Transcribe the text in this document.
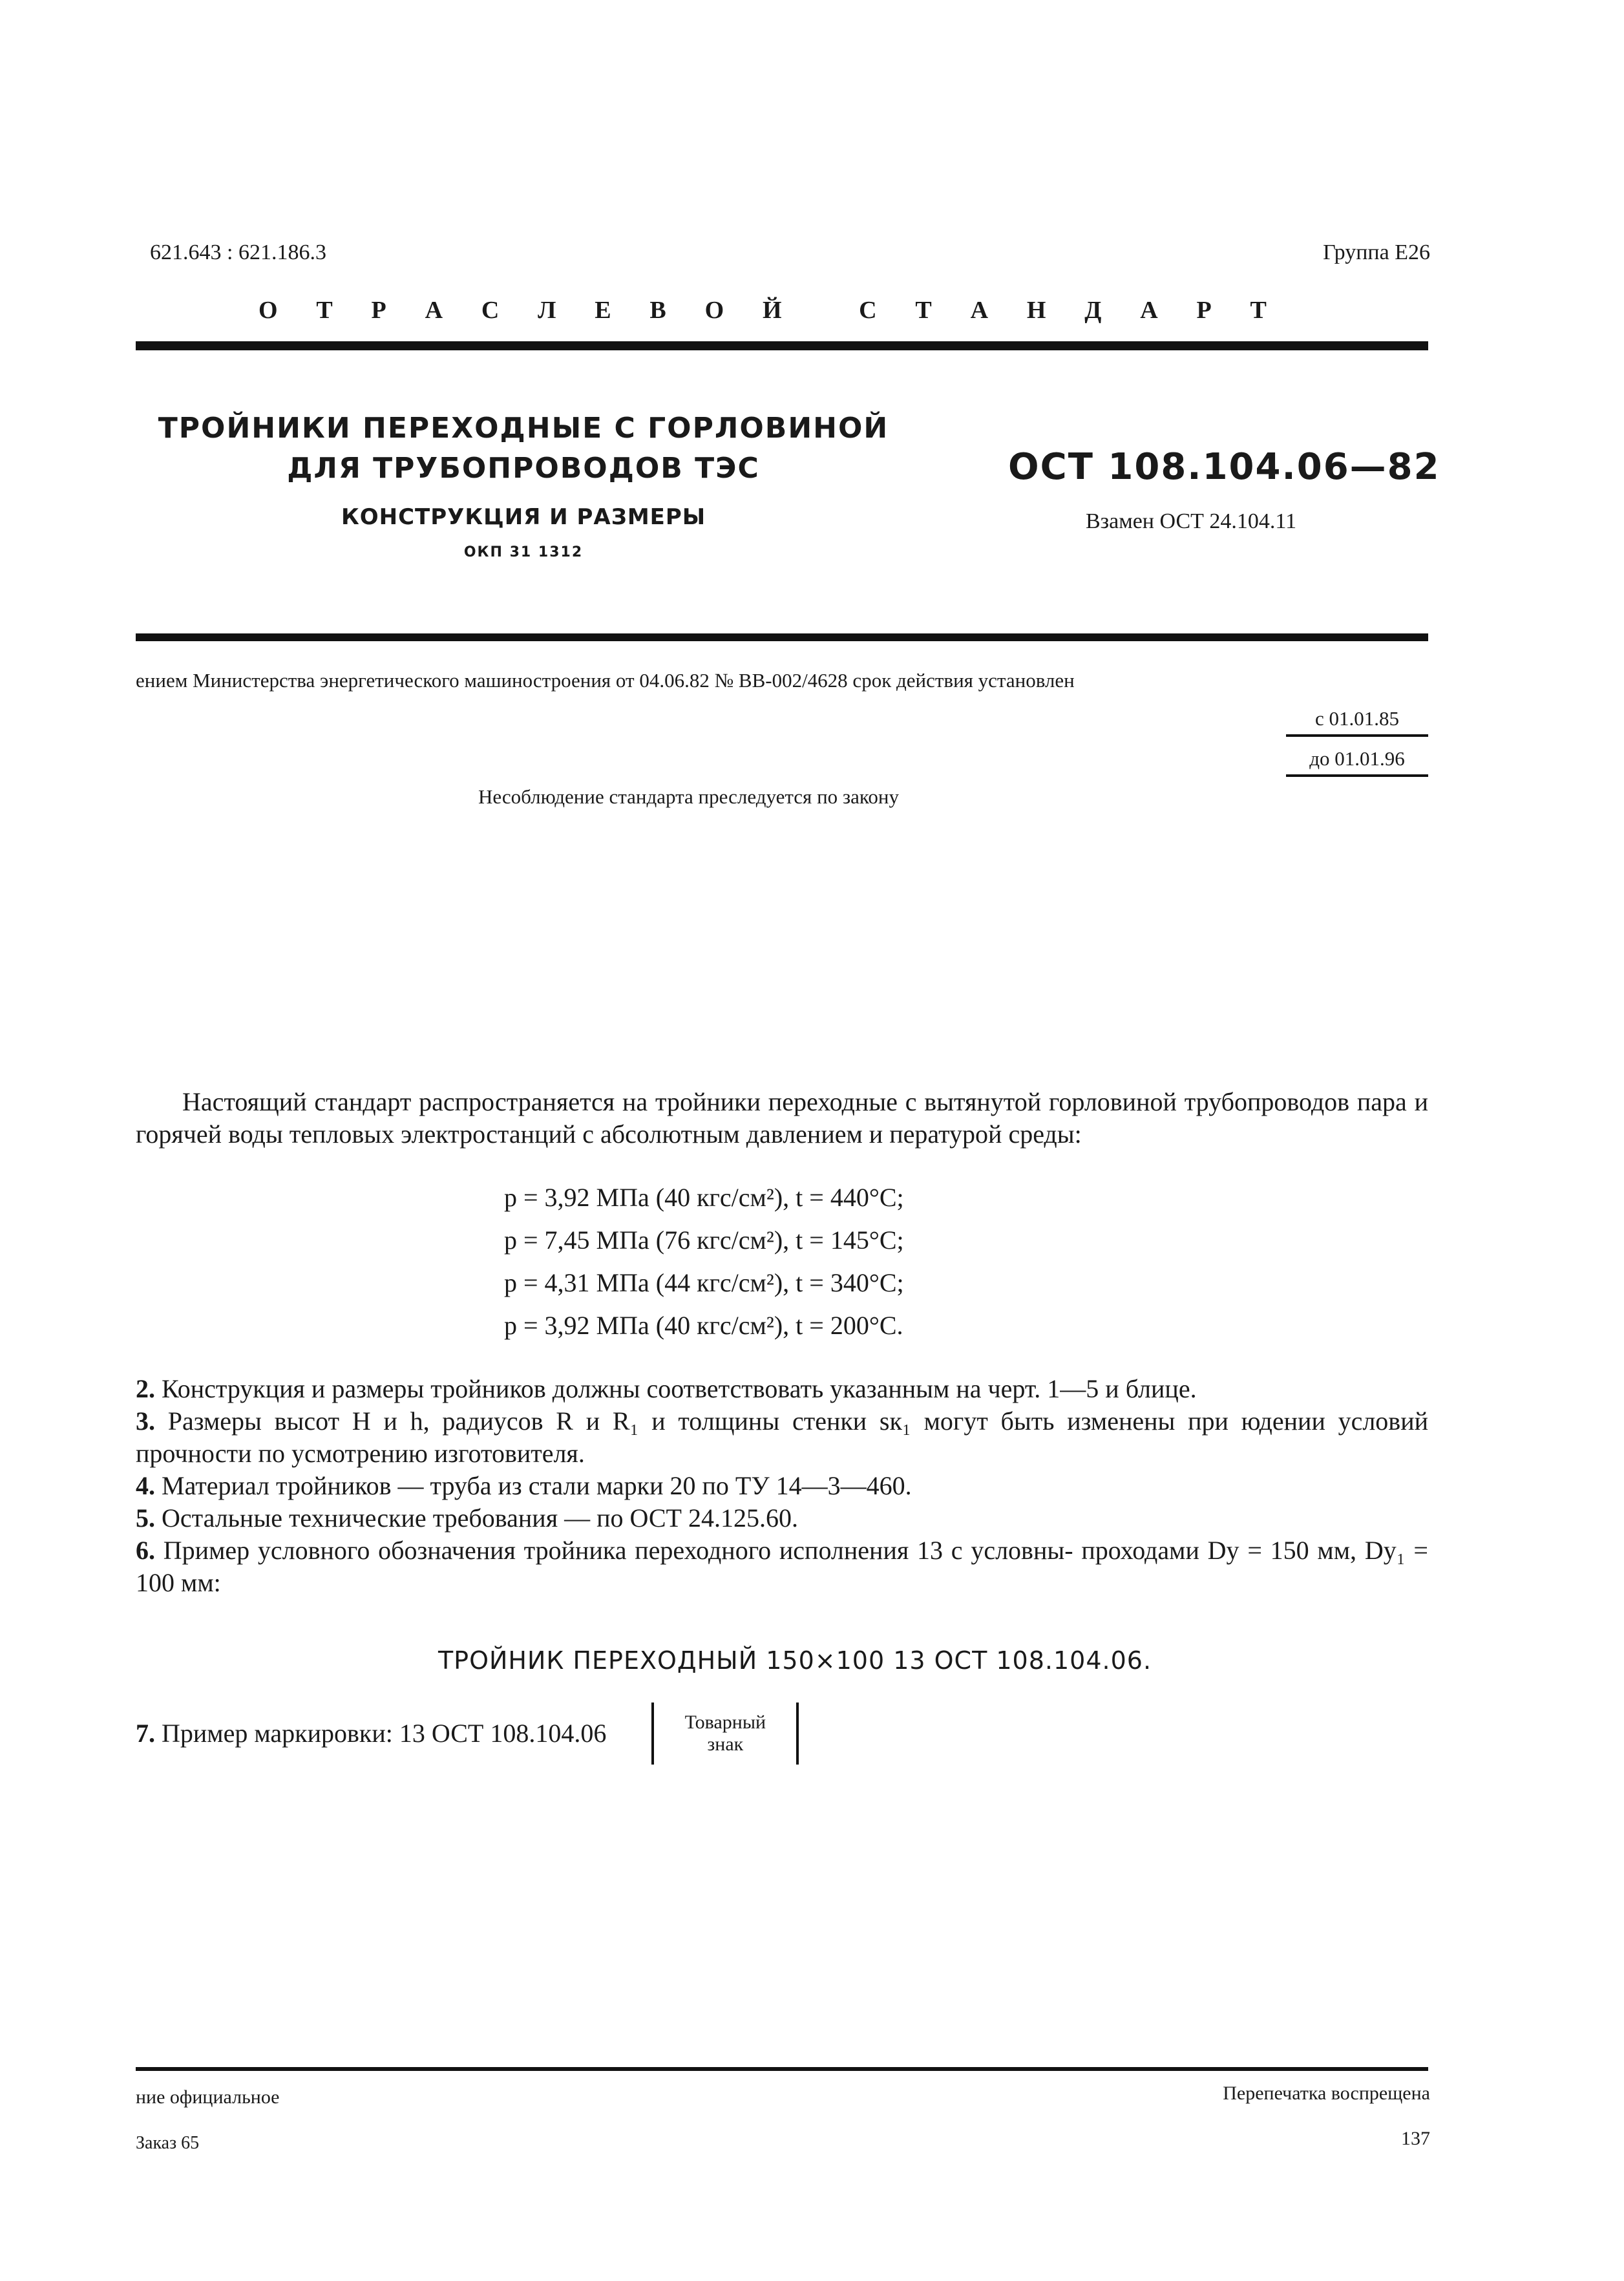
621.643 : 621.186.3	Группа Е26
О Т Р А С Л Е В О Й	С Т А Н Д А Р Т
ТРОЙНИКИ ПЕРЕХОДНЫЕ С ГОРЛОВИНОЙ
ДЛЯ ТРУБОПРОВОДОВ ТЭС
КОНСТРУКЦИЯ И РАЗМЕРЫ
ОКП 31 1312
ОСТ 108.104.06—82
Взамен ОСТ 24.104.11
ением Министерства энергетического машиностроения от 04.06.82 № ВВ-002/4628 срок действия установлен
с 01.01.85
до 01.01.96
Несоблюдение стандарта преследуется по закону

Настоящий стандарт распространяется на тройники переходные с вытянутой горловиной трубопроводов пара и горячей воды тепловых электростанций с абсолютным давлением и пературой среды:

p = 3,92 МПа (40 кгс/см²), t = 440°С;
p = 7,45 МПа (76 кгс/см²), t = 145°С;
p = 4,31 МПа (44 кгс/см²), t = 340°С;
p = 3,92 МПа (40 кгс/см²), t = 200°С.

2. Конструкция и размеры тройников должны соответствовать указанным на черт. 1—5 и блице.

3. Размеры высот H и h, радиусов R и R₁ и толщины стенки sк₁ могут быть изменены при юдении условий прочности по усмотрению изготовителя.

4. Материал тройников — труба из стали марки 20 по ТУ 14—3—460.

5. Остальные технические требования — по ОСТ 24.125.60.

6. Пример условного обозначения тройника переходного исполнения 13 с условны- проходами Dу = 150 мм, Dу₁ = 100 мм:

ТРОЙНИК ПЕРЕХОДНЫЙ 150×100 13 ОСТ 108.104.06.
7. Пример маркировки: 13 ОСТ 108.104.06	Товарный
знак
ние официальное	Перепечатка воспрещена
137
Заказ 65
